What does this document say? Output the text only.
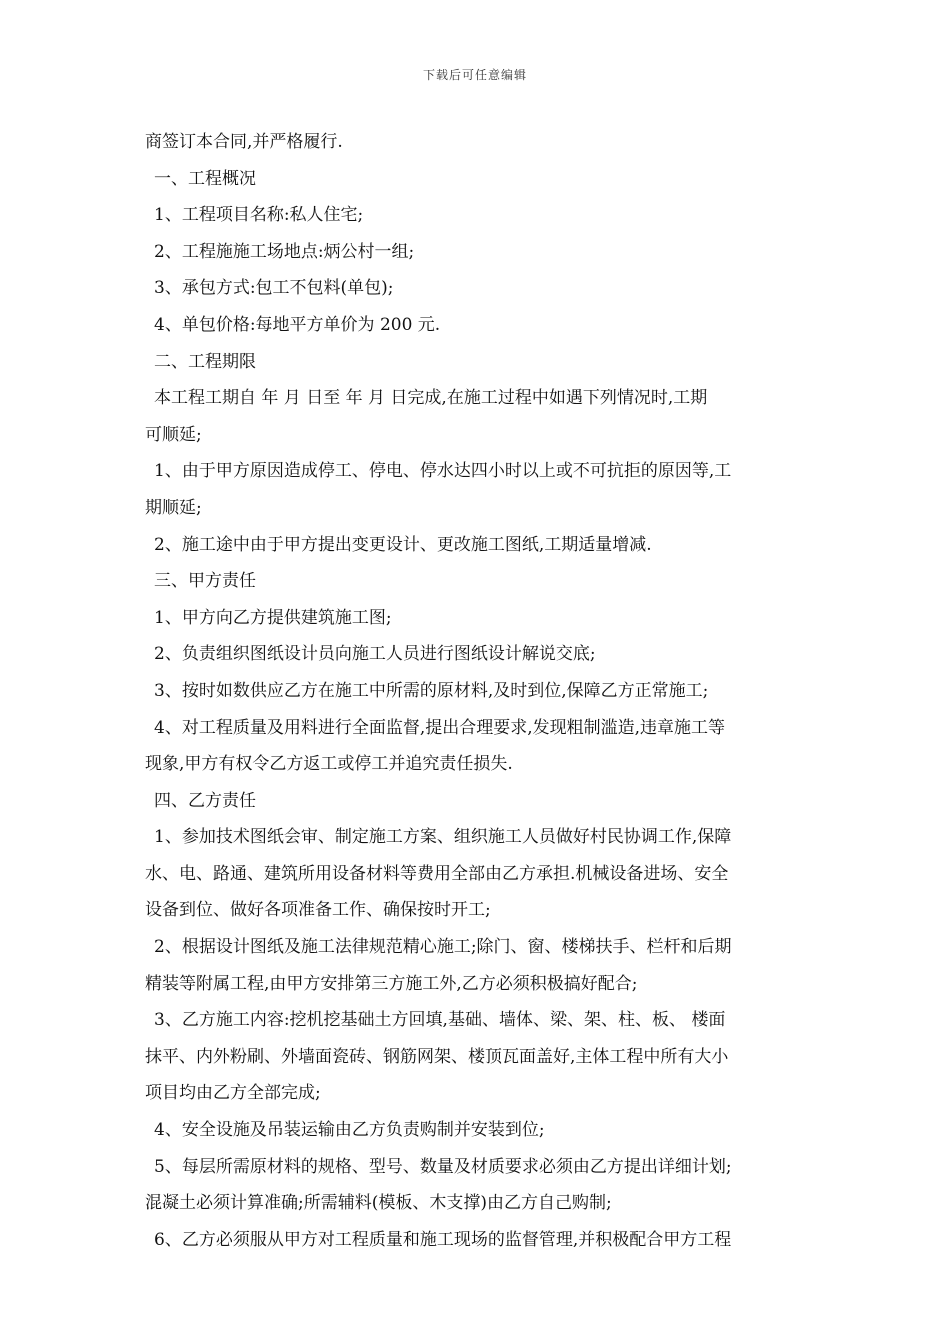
下载后可任意编辑
商签订本合同,并严格履行.
一、工程概况
1、工程项目名称:私人住宅;
2、工程施施工场地点:炳公村一组;
3、承包方式:包工不包料(单包);
4、单包价格:每地平方单价为 200 元.
二、工程期限
本工程工期自 年 月 日至 年 月 日完成,在施工过程中如遇下列情况时,工期
可顺延;
1、由于甲方原因造成停工、停电、停水达四小时以上或不可抗拒的原因等,工
期顺延;
2、施工途中由于甲方提出变更设计、更改施工图纸,工期适量增减.
三、甲方责任
1、甲方向乙方提供建筑施工图;
2、负责组织图纸设计员向施工人员进行图纸设计解说交底;
3、按时如数供应乙方在施工中所需的原材料,及时到位,保障乙方正常施工;
4、对工程质量及用料进行全面监督,提出合理要求,发现粗制滥造,违章施工等
现象,甲方有权令乙方返工或停工并追究责任损失.
四、乙方责任
1、参加技术图纸会审、制定施工方案、组织施工人员做好村民协调工作,保障
水、电、路通、建筑所用设备材料等费用全部由乙方承担.机械设备进场、安全
设备到位、做好各项准备工作、确保按时开工;
2、根据设计图纸及施工法律规范精心施工;除门、窗、楼梯扶手、栏杆和后期
精装等附属工程,由甲方安排第三方施工外,乙方必须积极搞好配合;
3、乙方施工内容:挖机挖基础土方回填,基础、墙体、梁、架、柱、板、 楼面
抹平、内外粉刷、外墙面瓷砖、钢筋网架、楼顶瓦面盖好,主体工程中所有大小
项目均由乙方全部完成;
4、安全设施及吊装运输由乙方负责购制并安装到位;
5、每层所需原材料的规格、型号、数量及材质要求必须由乙方提出详细计划;
混凝土必须计算准确;所需辅料(模板、木支撑)由乙方自己购制;
6、乙方必须服从甲方对工程质量和施工现场的监督管理,并积极配合甲方工程
